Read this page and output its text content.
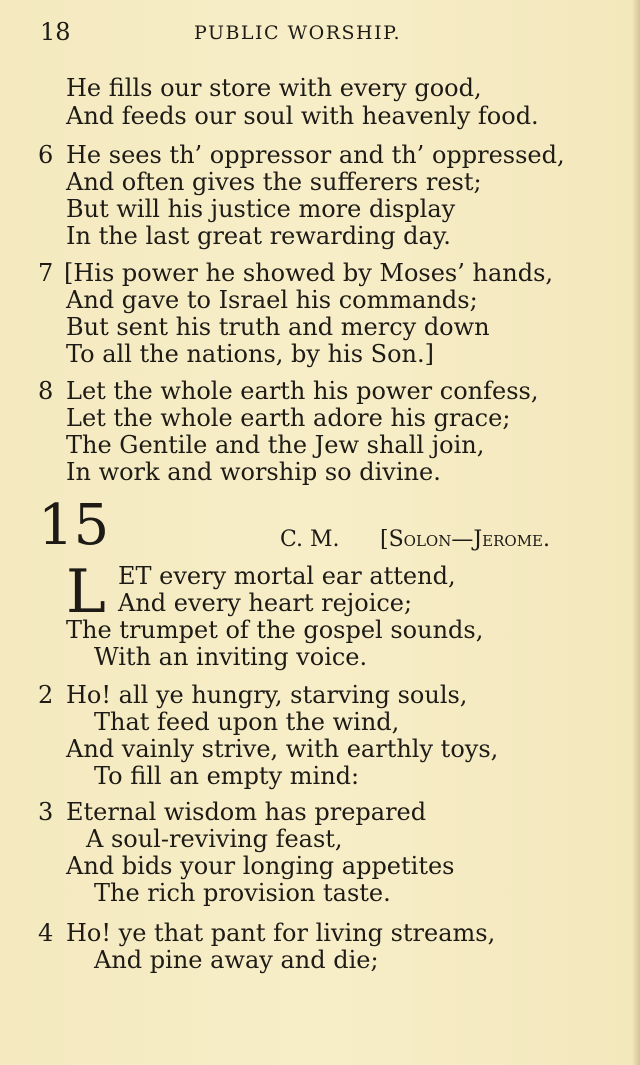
18	PUBLIC WORSHIP.
He fills our store with every good,
And feeds our soul with heavenly food.
6 He sees th’ oppressor and th’ oppressed,
And often gives the sufferers rest;
But will his justice more display
In the last great rewarding day.
7 [His power he showed by Moses’ hands,
And gave to Israel his commands;
But sent his truth and mercy down
To all the nations, by his Son.]
8 Let the whole earth his power confess,
Let the whole earth adore his grace;
The Gentile and the Jew shall join,
In work and worship so divine.
15	C. M. [Solon—Jerome.
L ET every mortal ear attend,
And every heart rejoice;
The trumpet of the gospel sounds,
With an inviting voice.
2 Ho! all ye hungry, starving souls,
That feed upon the wind,
And vainly strive, with earthly toys,
To fill an empty mind:
3 Eternal wisdom has prepared
A soul-reviving feast,
And bids your longing appetites
The rich provision taste.
4 Ho! ye that pant for living streams,
And pine away and die;
